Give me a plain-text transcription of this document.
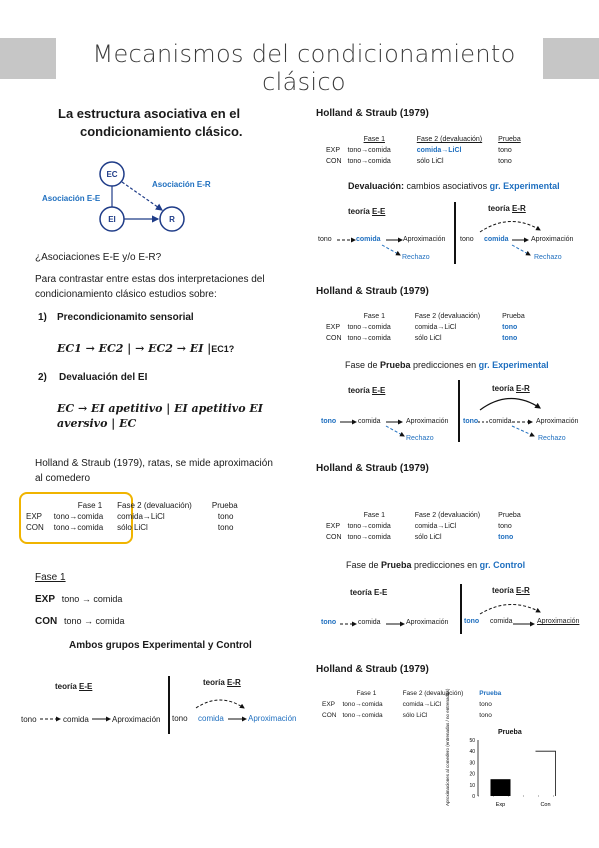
Mecanismos del condicionamiento clásico
La estructura asociativa en el
condicionamiento clásico.
EC
EI	R
Asociación E-R
Asociación E-E
¿Asociaciones E-E y/o E-R?
Para contrastar entre estas dos interpretaciones del
condicionamiento clásico estudios sobre:
1) Precondicionamito sensorial
EC1 → EC2 | → EC2 → EI |EC1?
2) Devaluación del EI
EC → EI apetitivo | EI apetitivo EI
aversivo | EC
Holland & Straub (1979), ratas, se mide aproximación
al comedero
	Fase 1	Fase 2 (devaluación)	Prueba
EXP	tono→comida	comida→LiCl	tono
CON	tono→comida	sólo LiCl	tono
Fase 1
EXP tono → comida
CON tono → comida
Ambos grupos Experimental y Control
teoría E-E	teoría E-R
tono	comida	Aproximación tono comida	Aproximación
Holland & Straub (1979)
	Fase 1	Fase 2 (devaluación)	Prueba
EXP	tono→comida	comida→LiCl	tono
CON	tono→comida	sólo LiCl	tono
Devaluación: cambios asociativos gr. Experimental
teoría E-E	teoría E-R
tono	comida	Aproximación
Rechazo
tono comida	Aproximación
Rechazo
Holland & Straub (1979)
	Fase 1	Fase 2 (devaluación)	Prueba
EXP	tono→comida	comida→LiCl	tono
CON	tono→comida	sólo LiCl	tono
Fase de Prueba predicciones en gr. Experimental
teoría E-E	teoría E-R
tono	comida	Aproximación
Rechazo
tono comida	Aproximación
Rechazo
Holland & Straub (1979)
	Fase 1	Fase 2 (devaluación)	Prueba
EXP	tono→comida	comida→LiCl	tono
CON	tono→comida	sólo LiCl	tono
Fase de Prueba predicciones en gr. Control
teoría E-E	teoría E-R
tono	comida	Aproximación tono comida	Aproximación
Holland & Straub (1979)
	Fase 1	Fase 2 (devaluación)	Prueba
EXP	tono→comida	comida→LiCl	tono
CON	tono→comida	sólo LiCl	tono
Prueba
Aproximaciones al comedero (entrenadas / no entrenadas)	0
10
20
30
40
50
Exp	Con
